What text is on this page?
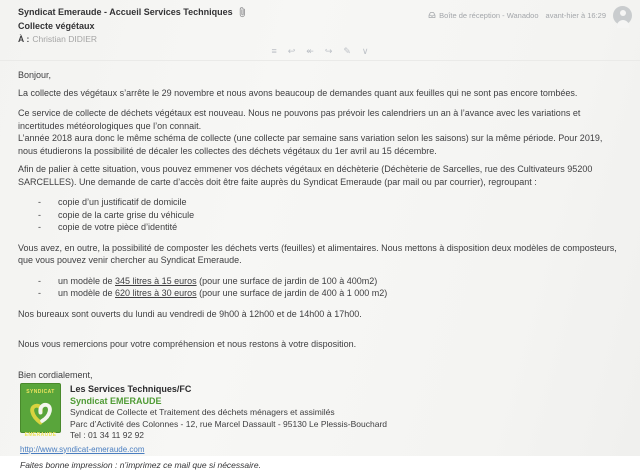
Syndicat Emeraude - Accueil Services Techniques
Collecte végétaux
À : Christian DIDIER
Boîte de réception - Wanadoo avant-hier à 16:29
≡ ↩ ↞ ↪ ✎ ∨
Bonjour,
La collecte des végétaux s’arrête le 29 novembre et nous avons beaucoup de demandes quant aux feuilles qui ne sont pas encore tombées.
Ce service de collecte de déchets végétaux est nouveau. Nous ne pouvons pas prévoir les calendriers un an à l’avance avec les variations et incertitudes météorologiques que l’on connait.
L’année 2018 aura donc le même schéma de collecte (une collecte par semaine sans variation selon les saisons) sur la même période. Pour 2019, nous étudierons la possibilité de décaler les collectes des déchets végétaux du 1er avril au 15 décembre.
Afin de palier à cette situation, vous pouvez emmener vos déchets végétaux en déchèterie (Déchèterie de Sarcelles, rue des Cultivateurs 95200 SARCELLES). Une demande de carte d’accès doit être faite auprès du Syndicat Emeraude (par mail ou par courrier), regroupant :
-	copie d’un justificatif de domicile
-	copie de la carte grise du véhicule
-	copie de votre pièce d’identité
Vous avez, en outre, la possibilité de composter les déchets verts (feuilles) et alimentaires. Nous mettons à disposition deux modèles de composteurs, que vous pouvez venir chercher au Syndicat Emeraude.
-	un modèle de 345 litres à 15 euros (pour une surface de jardin de 100 à 400m2)
-	un modèle de 620 litres à 30 euros (pour une surface de jardin de 400 à 1 000 m2)
Nos bureaux sont ouverts du lundi au vendredi de 9h00 à 12h00 et de 14h00 à 17h00.
Nous vous remercions pour votre compréhension et nous restons à votre disposition.
Bien cordialement,
SYNDICAT
EMERAUDE
Les Services Techniques/FC
Syndicat EMERAUDE
Syndicat de Collecte et Traitement des déchets ménagers et assimilés
Parc d’Activité des Colonnes - 12, rue Marcel Dassault - 95130 Le Plessis-Bouchard
Tel : 01 34 11 92 92
http://www.syndicat-emeraude.com
Faites bonne impression : n’imprimez ce mail que si nécessaire.
